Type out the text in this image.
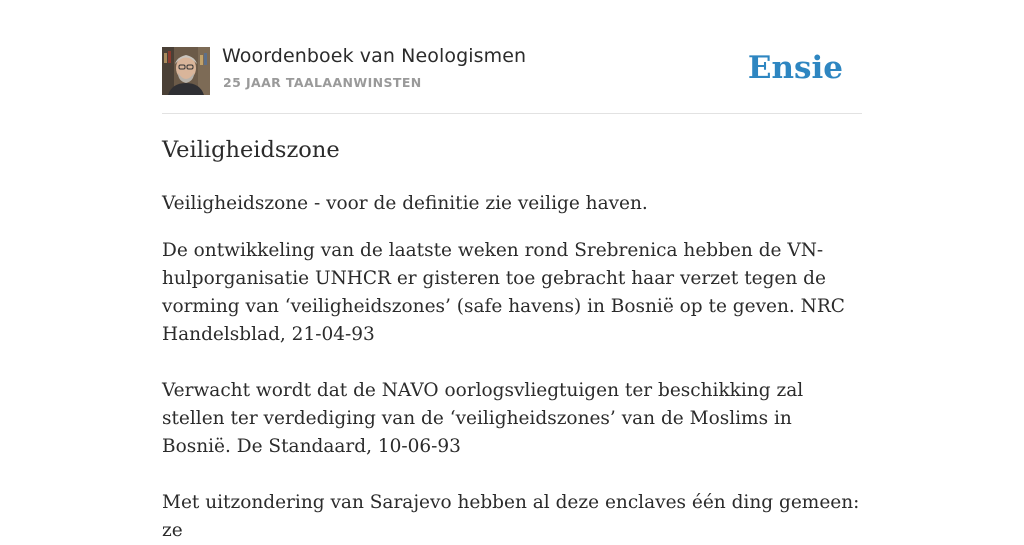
Woordenboek van Neologismen
25 JAAR TAALAANWINSTEN	Ensie
Veiligheidszone

Veiligheidszone - voor de definitie zie veilige haven.

De ontwikkeling van de laatste weken rond Srebrenica hebben de VN-hulporganisatie UNHCR er gisteren toe gebracht haar verzet tegen de vorming van ‘veiligheidszones’ (safe havens) in Bosnië op te geven. NRC Handelsblad, 21-04-93

Verwacht wordt dat de NAVO oorlogsvliegtuigen ter beschikking zal stellen ter verdediging van de ‘veiligheidszones’ van de Moslims in Bosnië. De Standaard, 10-06-93

Met uitzondering van Sarajevo hebben al deze enclaves één ding gemeen: ze
